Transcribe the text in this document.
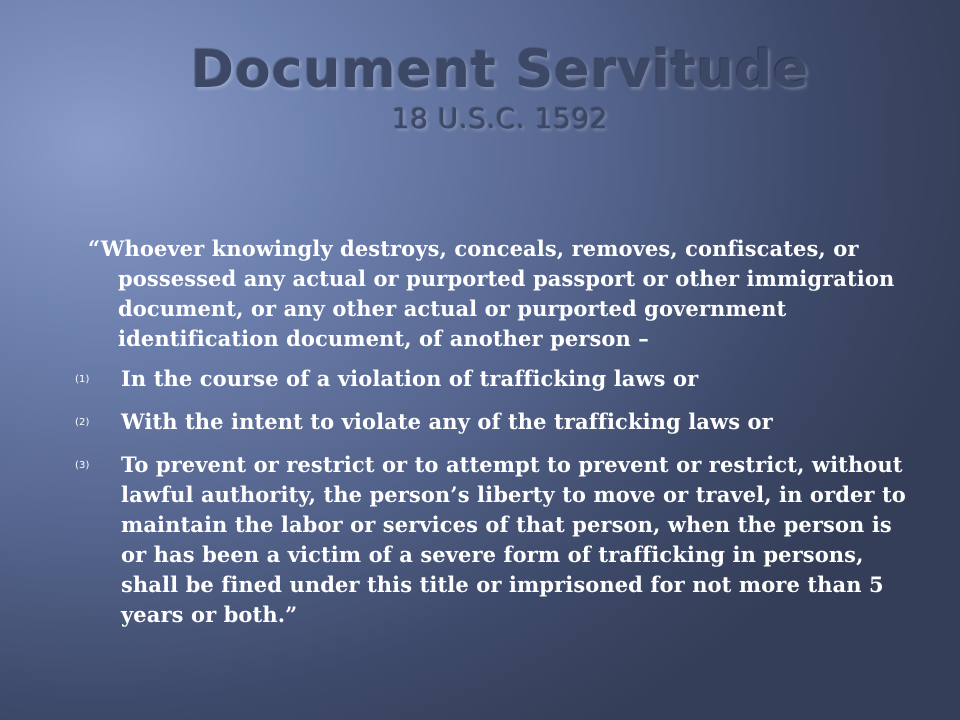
Document Servitude
18 U.S.C. 1592

“Whoever knowingly destroys, conceals, removes, confiscates, or possessed any actual or purported passport or other immigration document, or any other actual or purported government identification document, of another person –

(1)	In the course of a violation of trafficking laws or
(2)	With the intent to violate any of the trafficking laws or
(3)	To prevent or restrict or to attempt to prevent or restrict, without lawful authority, the person’s liberty to move or travel, in order to maintain the labor or services of that person, when the person is or has been a victim of a severe form of trafficking in persons, shall be fined under this title or imprisoned for not more than 5 years or both.”
